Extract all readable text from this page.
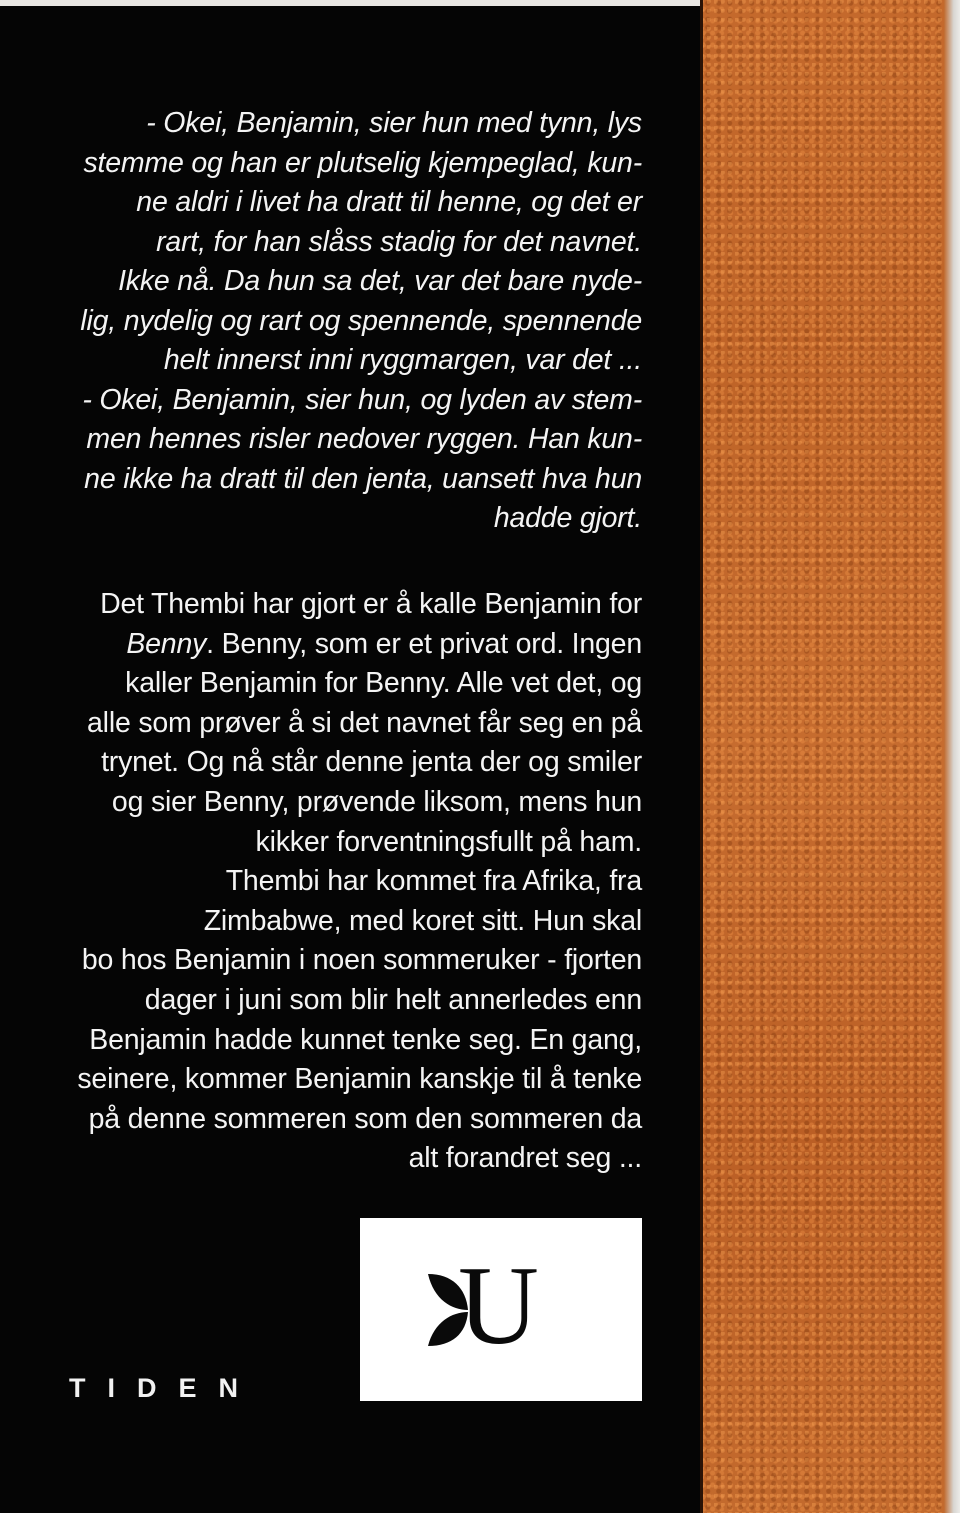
- Okei, Benjamin, sier hun med tynn, lys
stemme og han er plutselig kjempeglad, kun-
ne aldri i livet ha dratt til henne, og det er
rart, for han slåss stadig for det navnet.
Ikke nå. Da hun sa det, var det bare nyde-
lig, nydelig og rart og spennende, spennende
helt innerst inni ryggmargen, var det ...
- Okei, Benjamin, sier hun, og lyden av stem-
men hennes risler nedover ryggen. Han kun-
ne ikke ha dratt til den jenta, uansett hva hun
hadde gjort.
Det Thembi har gjort er å kalle Benjamin for
Benny. Benny, som er et privat ord. Ingen
kaller Benjamin for Benny. Alle vet det, og
alle som prøver å si det navnet får seg en på
trynet. Og nå står denne jenta der og smiler
og sier Benny, prøvende liksom, mens hun
kikker forventningsfullt på ham.
Thembi har kommet fra Afrika, fra
Zimbabwe, med koret sitt. Hun skal
bo hos Benjamin i noen sommeruker - fjorten
dager i juni som blir helt annerledes enn
Benjamin hadde kunnet tenke seg. En gang,
seinere, kommer Benjamin kanskje til å tenke
på denne sommeren som den sommeren da
alt forandret seg ...
U
TIDEN
